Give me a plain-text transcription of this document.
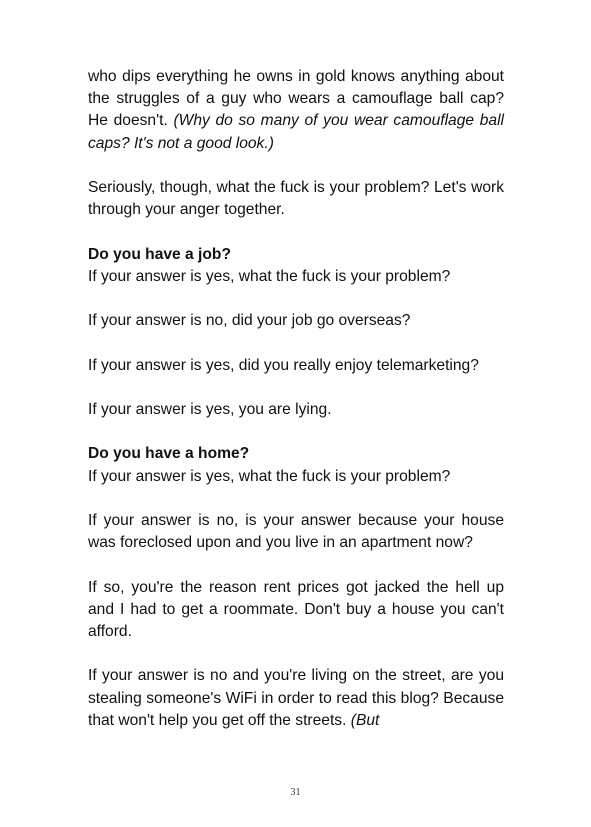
who dips everything he owns in gold knows anything about the struggles of a guy who wears a camouflage ball cap? He doesn't. (Why do so many of you wear camouflage ball caps? It's not a good look.)

Seriously, though, what the fuck is your problem? Let's work through your anger together.

Do you have a job?

If your answer is yes, what the fuck is your problem?

If your answer is no, did your job go overseas?

If your answer is yes, did you really enjoy telemarketing?

If your answer is yes, you are lying.

Do you have a home?

If your answer is yes, what the fuck is your problem?

If your answer is no, is your answer because your house was foreclosed upon and you live in an apartment now?

If so, you're the reason rent prices got jacked the hell up and I had to get a roommate. Don't buy a house you can't afford.

If your answer is no and you're living on the street, are you stealing someone's WiFi in order to read this blog? Because that won't help you get off the streets. (But

31
